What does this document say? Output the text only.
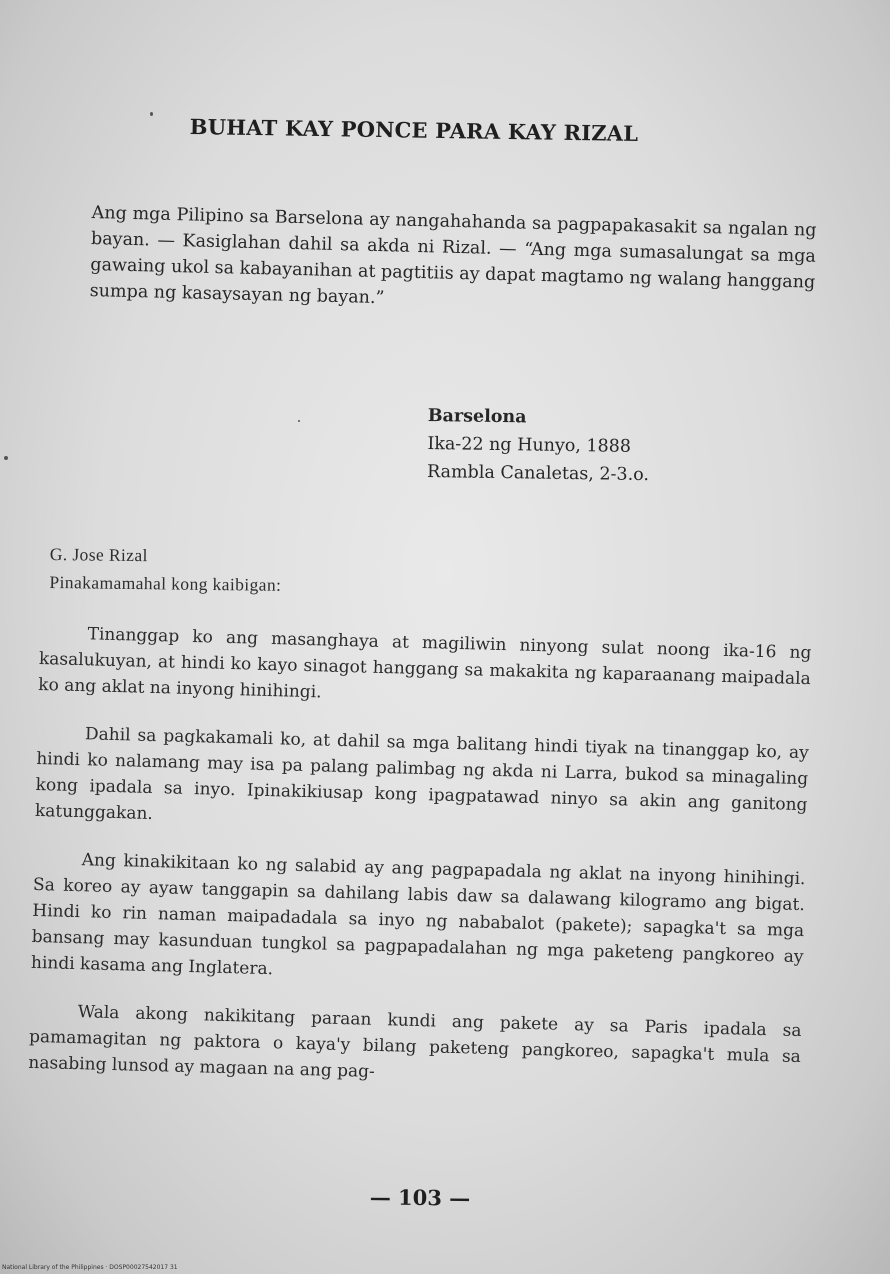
BUHAT KAY PONCE PARA KAY RIZAL
Ang mga Pilipino sa Barselona ay nangahahanda sa pagpapakasakit sa ngalan ng bayan. — Kasiglahan dahil sa akda ni Rizal. — “Ang mga sumasalungat sa mga gawaing ukol sa kabayanihan at pagtitiis ay dapat magtamo ng walang hanggang sumpa ng kasaysayan ng bayan.”
Barselona
Ika-22 ng Hunyo, 1888
Rambla Canaletas, 2-3.o.
G. Jose Rizal
Pinakamamahal kong kaibigan:

Tinanggap ko ang masanghaya at magiliwin ninyong sulat noong ika-16 ng kasalukuyan, at hindi ko kayo sinagot hanggang sa makakita ng kaparaanang maipadala ko ang aklat na inyong hinihingi.

Dahil sa pagkakamali ko, at dahil sa mga balitang hindi tiyak na tinanggap ko, ay hindi ko nalamang may isa pa palang palimbag ng akda ni Larra, bukod sa minagaling kong ipadala sa inyo. Ipinakikiusap kong ipagpatawad ninyo sa akin ang ganitong katunggakan.

Ang kinakikitaan ko ng salabid ay ang pagpapadala ng aklat na inyong hinihingi. Sa koreo ay ayaw tanggapin sa dahilang labis daw sa dalawang kilogramo ang bigat. Hindi ko rin naman maipadadala sa inyo ng nababalot (pakete); sapagka't sa mga bansang may kasunduan tungkol sa pagpapadalahan ng mga paketeng pangkoreo ay hindi kasama ang Inglatera.

Wala akong nakikitang paraan kundi ang pakete ay sa Paris ipadala sa pamamagitan ng paktora o kaya'y bilang paketeng pangkoreo, sapagka't mula sa nasabing lunsod ay magaan na ang pag-

— 103 —
National Library of the Philippines · DOSP00027542017 31
